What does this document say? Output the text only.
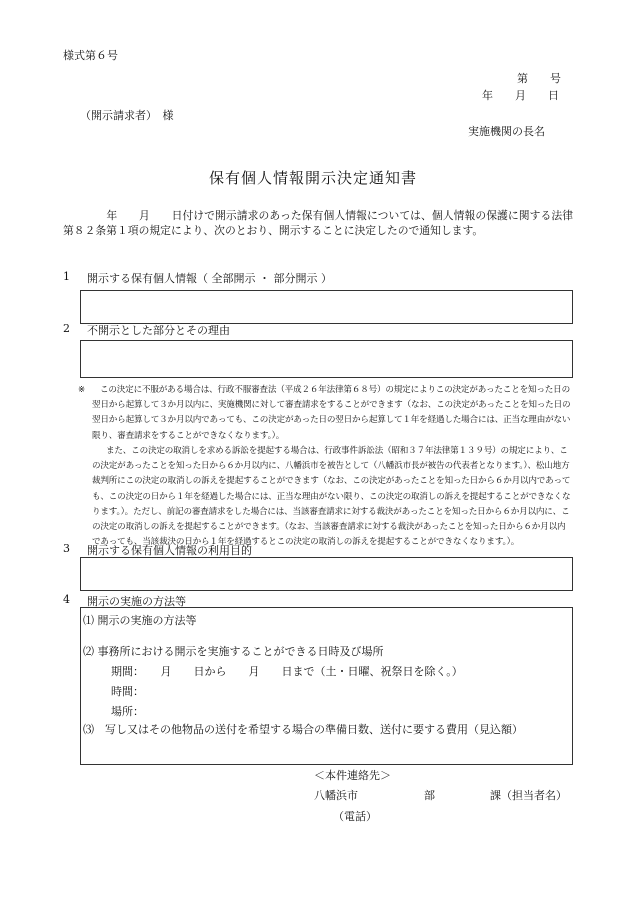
様式第６号
第　　号
年　　月　　日
（開示請求者）　様
実施機関の長名
保有個人情報開示決定通知書
　　　　年　　月　　日付けで開示請求のあった保有個人情報については、個人情報の保護に関する法律第８２条第１項の規定により、次のとおり、開示することに決定したので通知します。
1 開示する保有個人情報（ 全部開示 ・ 部分開示 ）
2 不開示とした部分とその理由
※	この決定に不服がある場合は、行政不服審査法（平成２６年法律第６８号）の規定によりこの決定があったことを知った日の翌日から起算して３か月以内に、実施機関に対して審査請求をすることができます（なお、この決定があったことを知った日の翌日から起算して３か月以内であっても、この決定があった日の翌日から起算して１年を経過した場合には、正当な理由がない限り、審査請求をすることができなくなります。）。
また、この決定の取消しを求める訴訟を提起する場合は、行政事件訴訟法（昭和３７年法律第１３９号）の規定により、この決定があったことを知った日から６か月以内に、八幡浜市を被告として（八幡浜市長が被告の代表者となります。）、松山地方裁判所にこの決定の取消しの訴えを提起することができます（なお、この決定があったことを知った日から６か月以内であっても、この決定の日から１年を経過した場合には、正当な理由がない限り、この決定の取消しの訴えを提起することができなくなります。）。ただし、前記の審査請求をした場合には、当該審査請求に対する裁決があったことを知った日から６か月以内に、この決定の取消しの訴えを提起することができます。（なお、当該審査請求に対する裁決があったことを知った日から６か月以内であっても、当該裁決の日から１年を経過するとこの決定の取消しの訴えを提起することができなくなります。）。
3 開示する保有個人情報の利用目的
4 開示の実施の方法等
⑴ 開示の実施の方法等
⑵ 事務所における開示を実施することができる日時及び場所
期間：　　月　　日から　　月　　日まで（土・日曜、祝祭日を除く。）
時間：
場所：
⑶　写し又はその他物品の送付を希望する場合の準備日数、送付に要する費用（見込額）
＜本件連絡先＞
八幡浜市　　　　　　部　　　　　課（担当者名）
（電話）
